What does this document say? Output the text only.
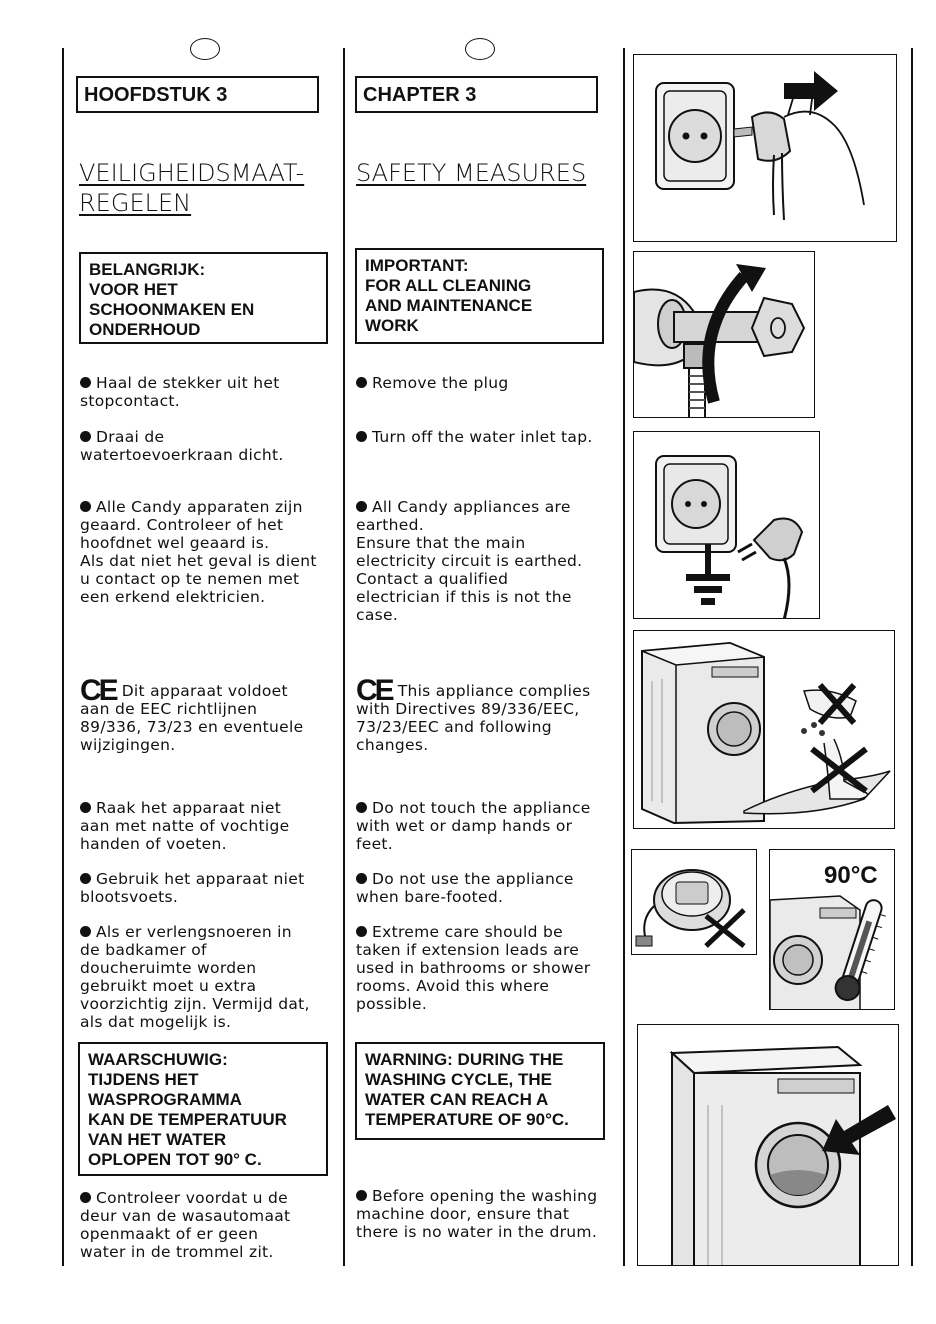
HOOFDSTUK 3
VEILIGHEIDSMAAT-
REGELEN
BELANGRIJK:
VOOR HET
SCHOONMAKEN EN
ONDERHOUD
Haal de stekker uit het
stopcontact.
Draai de
watertoevoerkraan dicht.
Alle Candy apparaten zijn
geaard. Controleer of het
hoofdnet wel geaard is.
Als dat niet het geval is dient
u contact op te nemen met
een erkend elektricien.
CE Dit apparaat voldoet
aan de EEC richtlijnen
89/336, 73/23 en eventuele
wijzigingen.
Raak het apparaat niet
aan met natte of vochtige
handen of voeten.
Gebruik het apparaat niet
blootsvoets.
Als er verlengsnoeren in
de badkamer of
doucheruimte worden
gebruikt moet u extra
voorzichtig zijn. Vermijd dat,
als dat mogelijk is.
WAARSCHUWIG:
TIJDENS HET
WASPROGRAMMA
KAN DE TEMPERATUUR
VAN HET WATER
OPLOPEN TOT 90° C.
Controleer voordat u de
deur van de wasautomaat
openmaakt of er geen
water in de trommel zit.
CHAPTER 3
SAFETY MEASURES
IMPORTANT:
FOR ALL CLEANING
AND MAINTENANCE
WORK
Remove the plug
Turn off the water inlet tap.
All Candy appliances are
earthed.
Ensure that the main
electricity circuit is earthed.
Contact a qualified
electrician if this is not the
case.
CE This appliance complies
with Directives 89/336/EEC,
73/23/EEC and following
changes.
Do not touch the appliance
with wet or damp hands or
feet.
Do not use the appliance
when bare-footed.
Extreme care should be
taken if extension leads are
used in bathrooms or shower
rooms. Avoid this where
possible.
WARNING: DURING THE
WASHING CYCLE, THE
WATER CAN REACH A
TEMPERATURE OF 90°C.
Before opening the washing
machine door, ensure that
there is no water in the drum.
90°C
